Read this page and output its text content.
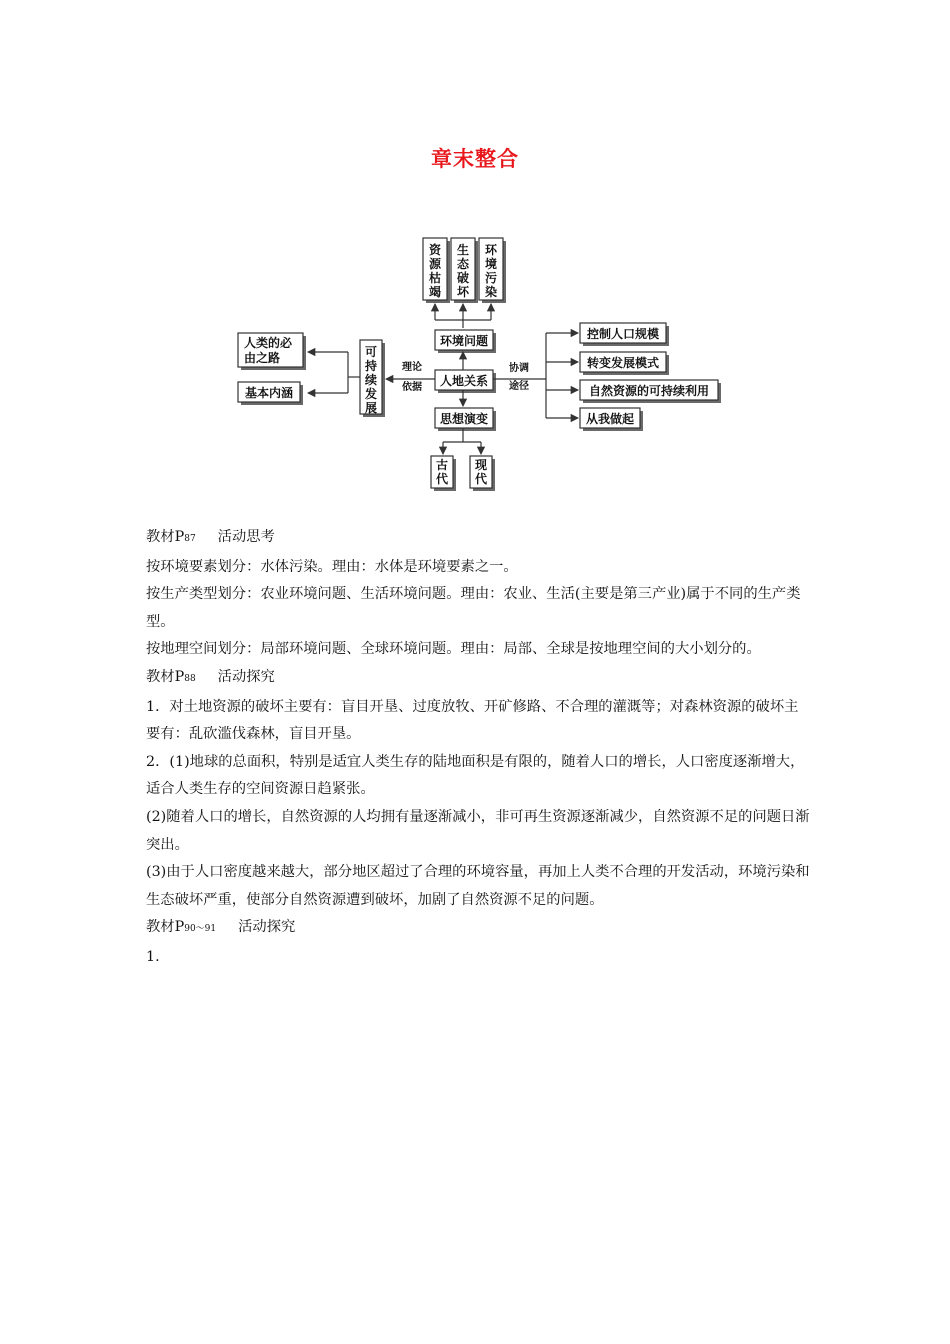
章末整合
资源枯竭
生态破坏
环境污染
环境问题
人地关系
思想演变
古代
现代
理论
依据
可持续发展
人类的必
由之路
基本内涵
协调
途径
控制人口规模
转变发展模式
自然资源的可持续利用
从我做起

教材P87 活动思考

按环境要素划分：水体污染。理由：水体是环境要素之一。

按生产类型划分：农业环境问题、生活环境问题。理由：农业、生活(主要是第三产业)属于不同的生产类型。

按地理空间划分：局部环境问题、全球环境问题。理由：局部、全球是按地理空间的大小划分的。

教材P88 活动探究

1．对土地资源的破坏主要有：盲目开垦、过度放牧、开矿修路、不合理的灌溉等；对森林资源的破坏主要有：乱砍滥伐森林，盲目开垦。

2．(1)地球的总面积，特别是适宜人类生存的陆地面积是有限的，随着人口的增长，人口密度逐渐增大，适合人类生存的空间资源日趋紧张。

(2)随着人口的增长，自然资源的人均拥有量逐渐减小，非可再生资源逐渐减少，自然资源不足的问题日渐突出。

(3)由于人口密度越来越大，部分地区超过了合理的环境容量，再加上人类不合理的开发活动，环境污染和生态破坏严重，使部分自然资源遭到破坏，加剧了自然资源不足的问题。

教材P90～91 活动探究

1.
